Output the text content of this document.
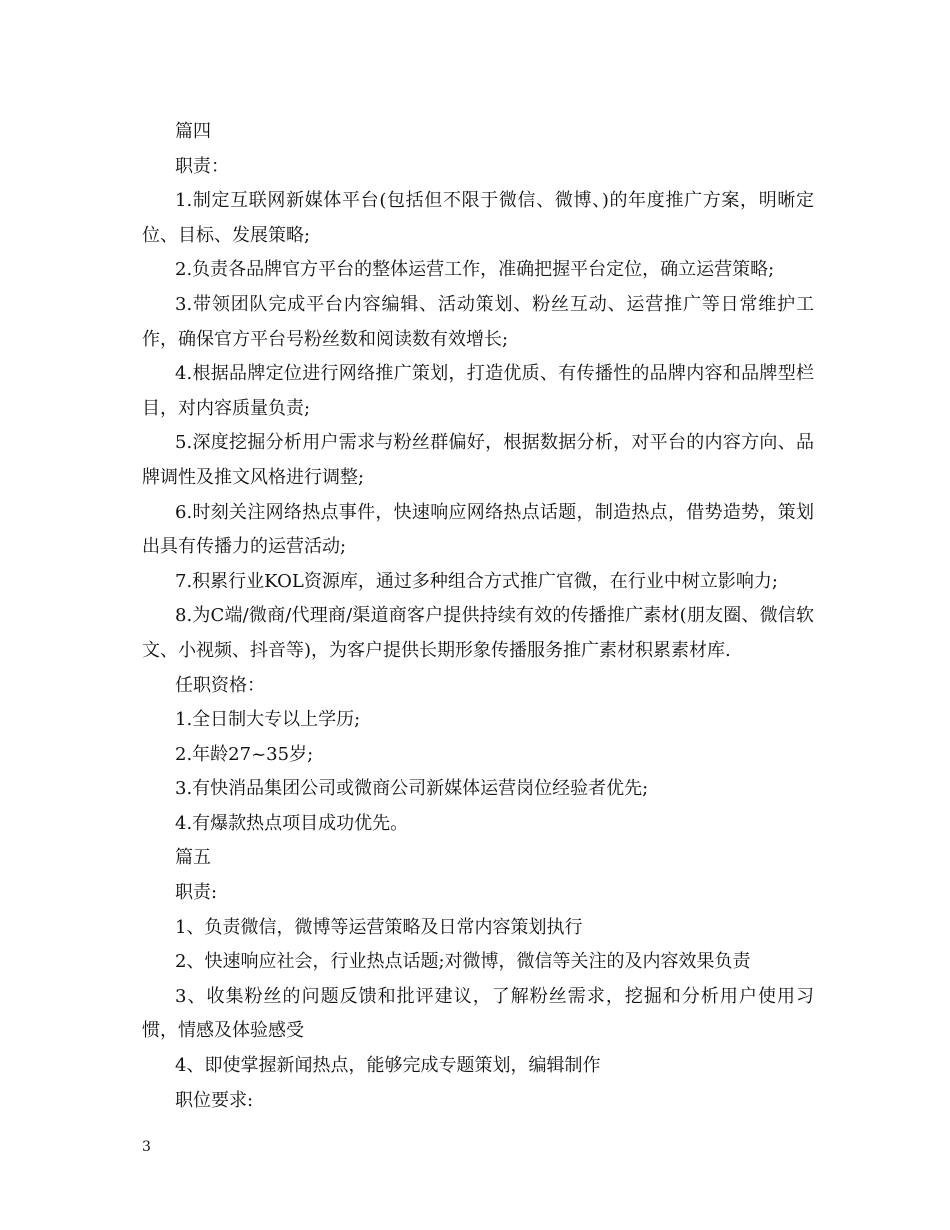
篇四
职责：
1.制定互联网新媒体平台(包括但不限于微信、微博、)的年度推广方案，明晰定位、目标、发展策略;
2.负责各品牌官方平台的整体运营工作，准确把握平台定位，确立运营策略;
3.带领团队完成平台内容编辑、活动策划、粉丝互动、运营推广等日常维护工作，确保官方平台号粉丝数和阅读数有效增长;
4.根据品牌定位进行网络推广策划，打造优质、有传播性的品牌内容和品牌型栏目，对内容质量负责;
5.深度挖掘分析用户需求与粉丝群偏好，根据数据分析，对平台的内容方向、品牌调性及推文风格进行调整;
6.时刻关注网络热点事件，快速响应网络热点话题，制造热点，借势造势，策划出具有传播力的运营活动;
7.积累行业KOL资源库，通过多种组合方式推广官微，在行业中树立影响力;
8.为C端/微商/代理商/渠道商客户提供持续有效的传播推广素材(朋友圈、微信软文、小视频、抖音等)，为客户提供长期形象传播服务推广素材积累素材库.
任职资格：
1.全日制大专以上学历;
2.年龄27~35岁;
3.有快消品集团公司或微商公司新媒体运营岗位经验者优先;
4.有爆款热点项目成功优先。
篇五
职责:
1、负责微信，微博等运营策略及日常内容策划执行
2、快速响应社会，行业热点话题;对微博，微信等关注的及内容效果负责
3、收集粉丝的问题反馈和批评建议，了解粉丝需求，挖掘和分析用户使用习惯，情感及体验感受
4、即使掌握新闻热点，能够完成专题策划，编辑制作
职位要求:
3
